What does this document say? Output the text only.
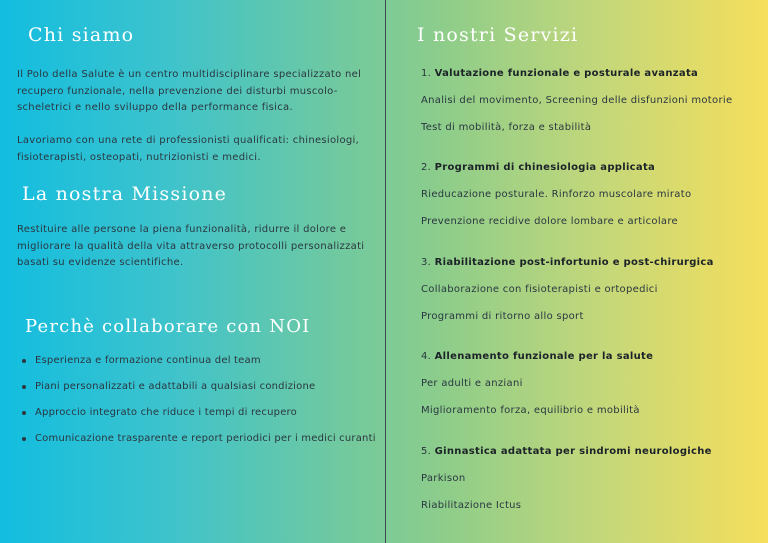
Chi siamo

Il Polo della Salute è un centro multidisciplinare specializzato nel recupero funzionale, nella prevenzione dei disturbi muscolo-scheletrici e nello sviluppo della performance fisica.

Lavoriamo con una rete di professionisti qualificati: chinesiologi, fisioterapisti, osteopati, nutrizionisti e medici.

La nostra Missione

Restituire alle persone la piena funzionalità, ridurre il dolore e migliorare la qualità della vita attraverso protocolli personalizzati basati su evidenze scientifiche.

Perchè collaborare con NOI
Esperienza e formazione continua del team
Piani personalizzati e adattabili a qualsiasi condizione
Approccio integrato che riduce i tempi di recupero
Comunicazione trasparente e report periodici per i medici curanti
I nostri Servizi
1. Valutazione funzionale e posturale avanzata
Analisi del movimento, Screening delle disfunzioni motorie
Test di mobilità, forza e stabilità
2. Programmi di chinesiologia applicata
Rieducazione posturale. Rinforzo muscolare mirato
Prevenzione recidive dolore lombare e articolare
3. Riabilitazione post-infortunio e post-chirurgica
Collaborazione con fisioterapisti e ortopedici
Programmi di ritorno allo sport
4. Allenamento funzionale per la salute
Per adulti e anziani
Miglioramento forza, equilibrio e mobilità
5. Ginnastica adattata per sindromi neurologiche
Parkison
Riabilitazione Ictus
